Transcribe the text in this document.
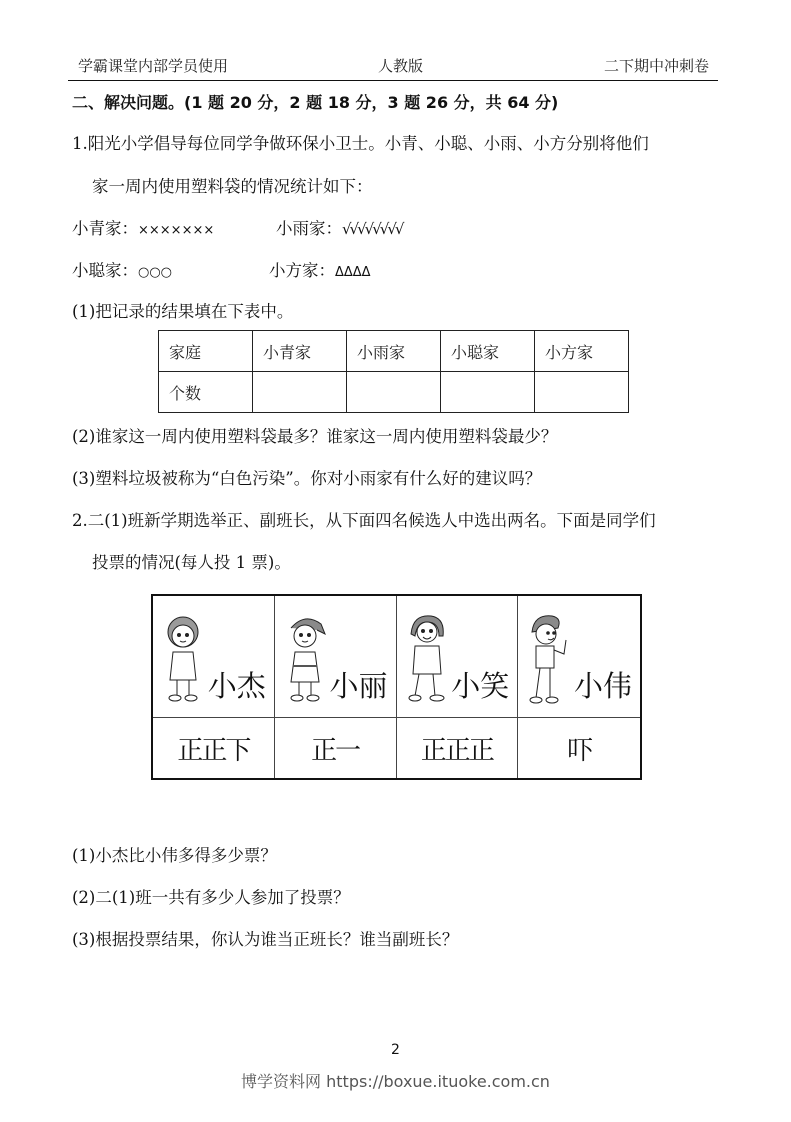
学霸课堂内部学员使用	人教版	二下期中冲刺卷
二、解决问题。(1 题 20 分，2 题 18 分，3 题 26 分，共 64 分)
1.阳光小学倡导每位同学争做环保小卫士。小青、小聪、小雨、小方分别将他们
家一周内使用塑料袋的情况统计如下：
小青家：×××××××	小雨家：√√√√√√√√
小聪家：○○○	小方家：ΔΔΔΔ
(1)把记录的结果填在下表中。
家庭	小青家	小雨家	小聪家	小方家
个数				
(2)谁家这一周内使用塑料袋最多？谁家这一周内使用塑料袋最少？
(3)塑料垃圾被称为“白色污染”。你对小雨家有什么好的建议吗？
2.二(1)班新学期选举正、副班长，从下面四名候选人中选出两名。下面是同学们
投票的情况(每人投 1 票)。
小杰 小丽 小笑 小伟
正正下	正一	正正正	吓
(1)小杰比小伟多得多少票？
(2)二(1)班一共有多少人参加了投票？
(3)根据投票结果，你认为谁当正班长？谁当副班长？
2
博学资料网 https://boxue.ituoke.com.cn
